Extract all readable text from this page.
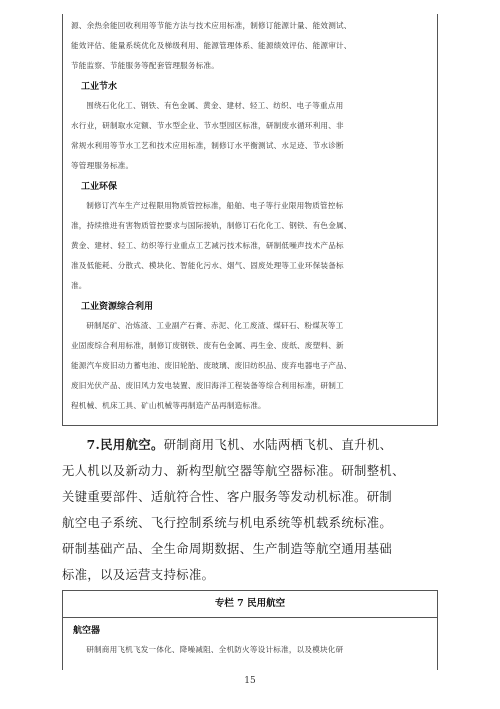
源、余热余能回收利用等节能方法与技术应用标准，制修订能源计量、能效测试、

能效评估、能量系统优化及梯级利用、能源管理体系、能源绩效评估、能源审计、

节能监察、节能服务等配套管理服务标准。

工业节水

围绕石化化工、钢铁、有色金属、黄金、建材、轻工、纺织、电子等重点用

水行业，研制取水定额、节水型企业、节水型园区标准，研制废水循环利用、非

常规水利用等节水工艺和技术应用标准，制修订水平衡测试、水足迹、节水诊断

等管理服务标准。

工业环保

制修订汽车生产过程限用物质管控标准，船舶、电子等行业限用物质管控标

准，持续推进有害物质管控要求与国际接轨，制修订石化化工、钢铁、有色金属、

黄金、建材、轻工、纺织等行业重点工艺减污技术标准，研制低噪声技术产品标

准及低能耗、分散式、模块化、智能化污水、烟气、固废处理等工业环保装备标

准。

工业资源综合利用

研制尾矿、冶炼渣、工业副产石膏、赤泥、化工废渣、煤矸石、粉煤灰等工

业固废综合利用标准，制修订废钢铁、废有色金属、再生金、废纸、废塑料、新

能源汽车废旧动力蓄电池、废旧轮胎、废玻璃、废旧纺织品、废弃电器电子产品、

废旧光伏产品、废旧风力发电装置、废旧海洋工程装备等综合利用标准，研制工

程机械、机床工具、矿山机械等再制造产品再制造标准。

7.民用航空。研制商用飞机、水陆两栖飞机、直升机、

无人机以及新动力、新构型航空器等航空器标准。研制整机、

关键重要部件、适航符合性、客户服务等发动机标准。研制

航空电子系统、飞行控制系统与机电系统等机载系统标准。

研制基础产品、全生命周期数据、生产制造等航空通用基础

标准，以及运营支持标准。

专栏 7 民用航空
航空器

研制商用飞机飞发一体化、降噪减阻、全机防火等设计标准，以及模块化研

15
